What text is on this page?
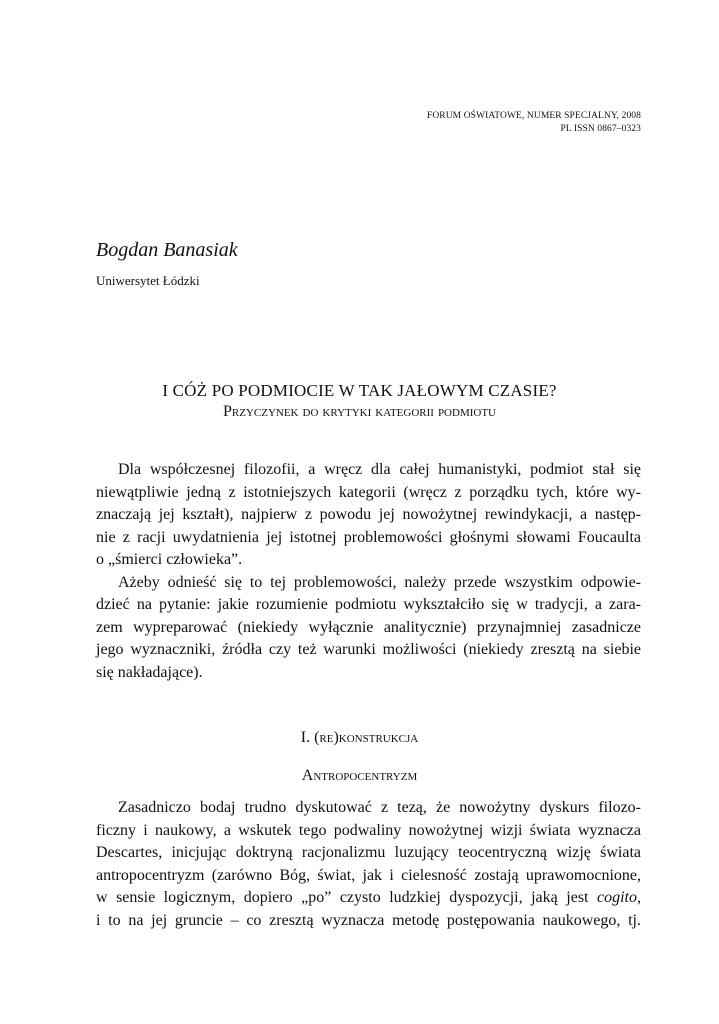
FORUM OŚWIATOWE, NUMER SPECJALNY, 2008
PL ISSN 0867–0323
Bogdan Banasiak
Uniwersytet Łódzki
I CÓŻ PO PODMIOCIE W TAK JAŁOWYM CZASIE?
Przyczynek do krytyki kategorii podmiotu
Dla współczesnej filozofii, a wręcz dla całej humanistyki, podmiot stał się
niewątpliwie jedną z istotniejszych kategorii (wręcz z porządku tych, które wy-
znaczają jej kształt), najpierw z powodu jej nowożytnej rewindykacji, a następ-
nie z racji uwydatnienia jej istotnej problemowości głośnymi słowami Foucaulta
o „śmierci człowieka”.
Ażeby odnieść się to tej problemowości, należy przede wszystkim odpowie-
dzieć na pytanie: jakie rozumienie podmiotu wykształciło się w tradycji, a zara-
zem wypreparować (niekiedy wyłącznie analitycznie) przynajmniej zasadnicze
jego wyznaczniki, źródła czy też warunki możliwości (niekiedy zresztą na siebie
się nakładające).
I. (re)konstrukcja
Antropocentryzm
Zasadniczo bodaj trudno dyskutować z tezą, że nowożytny dyskurs filozo-
ficzny i naukowy, a wskutek tego podwaliny nowożytnej wizji świata wyznacza
Descartes, inicjując doktryną racjonalizmu luzujący teocentryczną wizję świata
antropocentryzm (zarówno Bóg, świat, jak i cielesność zostają uprawomocnione,
w sensie logicznym, dopiero „po” czysto ludzkiej dyspozycji, jaką jest cogito,
i to na jej gruncie – co zresztą wyznacza metodę postępowania naukowego, tj.
